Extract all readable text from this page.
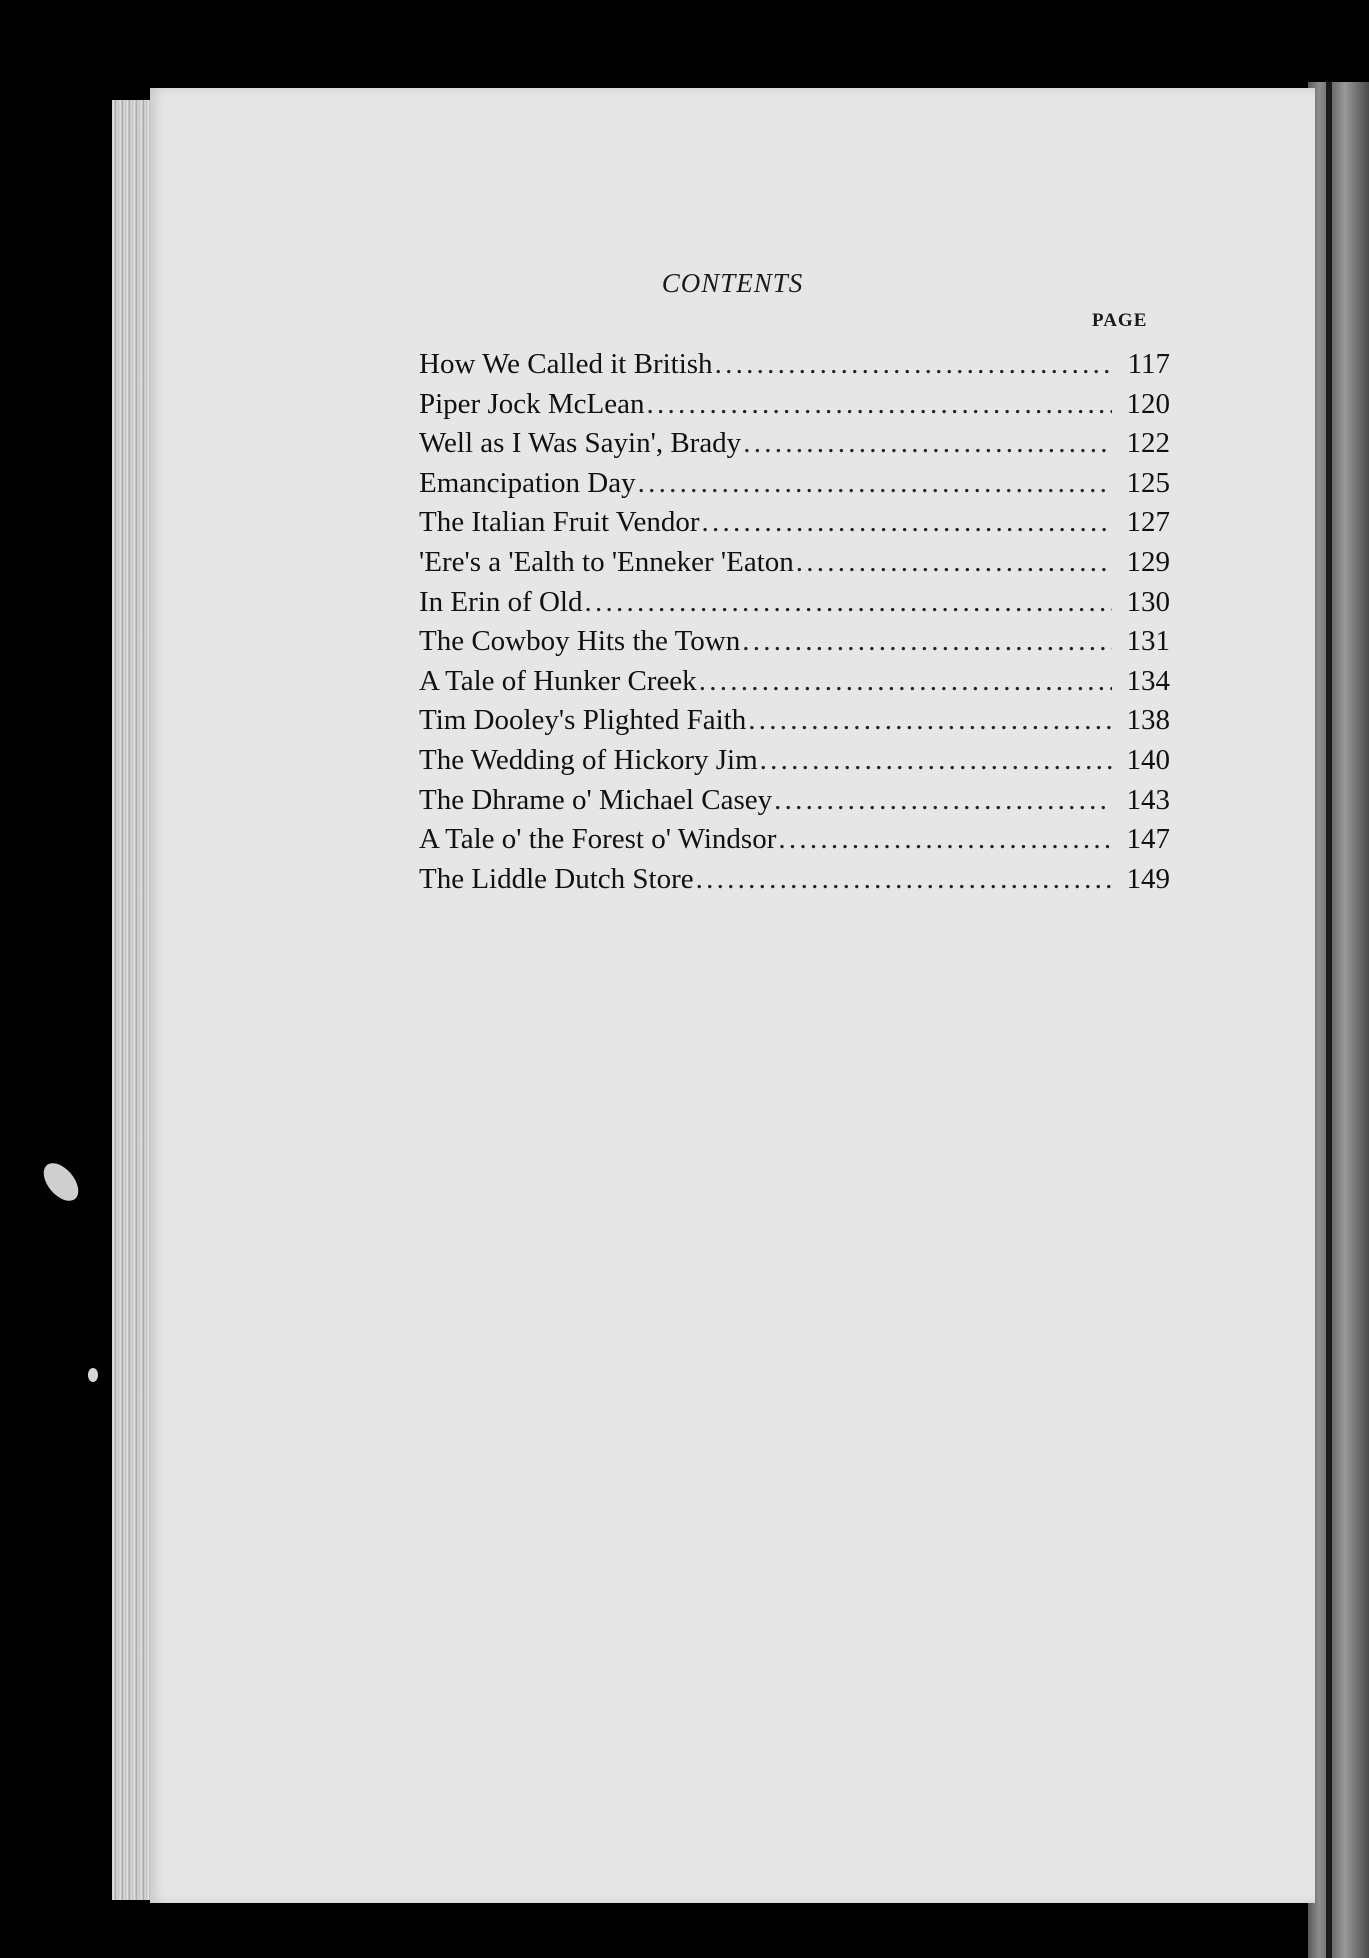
CONTENTS
PAGE
How We Called it British . . .	117
Piper Jock McLean . . .	120
Well as I Was Sayin', Brady . . .	122
Emancipation Day . . .	125
The Italian Fruit Vendor . . .	127
'Ere's a 'Ealth to 'Enneker 'Eaton . . .	129
In Erin of Old . . .	130
The Cowboy Hits the Town . . .	131
A Tale of Hunker Creek . . .	134
Tim Dooley's Plighted Faith . . .	138
The Wedding of Hickory Jim . . .	140
The Dhrame o' Michael Casey . . .	143
A Tale o' the Forest o' Windsor . . .	147
The Liddle Dutch Store . . .	149
